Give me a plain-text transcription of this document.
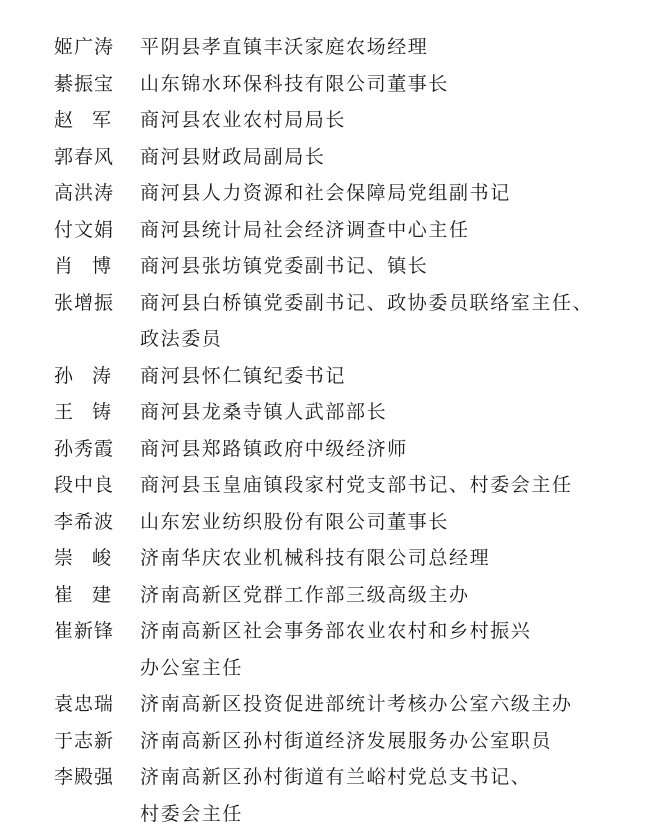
姬广涛	平阴县孝直镇丰沃家庭农场经理
綦振宝	山东锦水环保科技有限公司董事长
赵军 商河县农业农村局局长
郭春风	商河县财政局副局长
高洪涛	商河县人力资源和社会保障局党组副书记
付文娟	商河县统计局社会经济调查中心主任
肖博 商河县张坊镇党委副书记、镇长
张增振	商河县白桥镇党委副书记、政协委员联络室主任、
政法委员
孙涛 商河县怀仁镇纪委书记
王铸 商河县龙桑寺镇人武部部长
孙秀霞	商河县郑路镇政府中级经济师
段中良	商河县玉皇庙镇段家村党支部书记、村委会主任
李希波	山东宏业纺织股份有限公司董事长
崇峻 济南华庆农业机械科技有限公司总经理
崔建 济南高新区党群工作部三级高级主办
崔新锋	济南高新区社会事务部农业农村和乡村振兴
办公室主任
袁忠瑞	济南高新区投资促进部统计考核办公室六级主办
于志新	济南高新区孙村街道经济发展服务办公室职员
李殿强	济南高新区孙村街道有兰峪村党总支书记、
村委会主任
